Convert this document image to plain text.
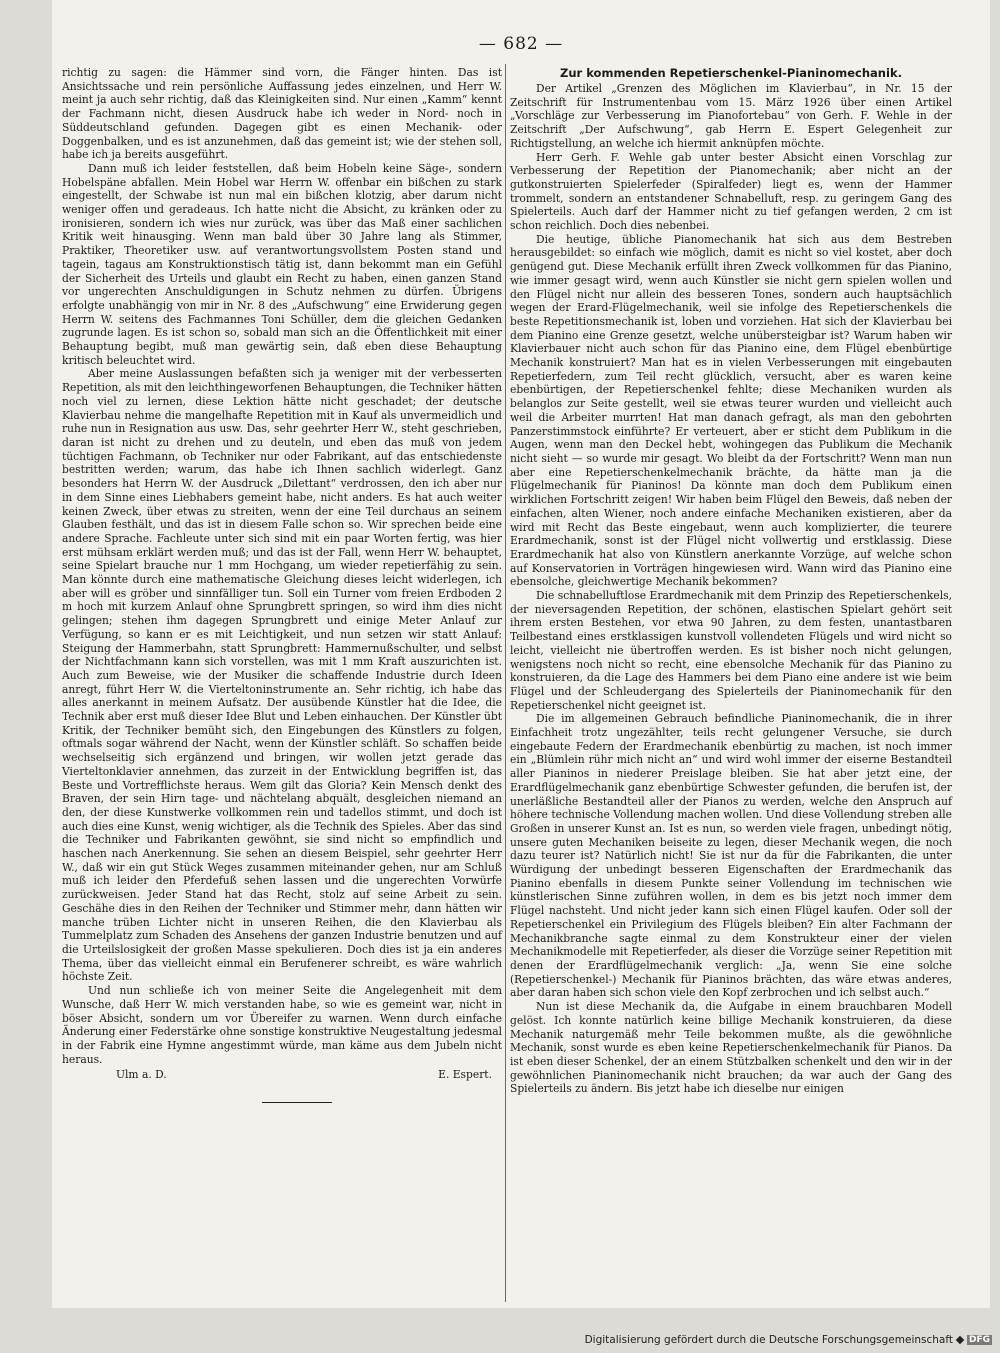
— 682 —

richtig zu sagen: die Hämmer sind vorn, die Fänger hinten. Das ist Ansichtssache und rein persönliche Auffassung jedes einzelnen, und Herr W. meint ja auch sehr richtig, daß das Kleinigkeiten sind. Nur einen „Kamm“ kennt der Fachmann nicht, diesen Ausdruck habe ich weder in Nord- noch in Süddeutschland gefunden. Dagegen gibt es einen Mechanik- oder Doggenbalken, und es ist anzunehmen, daß das gemeint ist; wie der stehen soll, habe ich ja bereits ausgeführt.

Dann muß ich leider feststellen, daß beim Hobeln keine Säge-, sondern Hobelspäne abfallen. Mein Hobel war Herrn W. offenbar ein bißchen zu stark eingestellt, der Schwabe ist nun mal ein bißchen klotzig, aber darum nicht weniger offen und geradeaus. Ich hatte nicht die Absicht, zu kränken oder zu ironisieren, sondern ich wies nur zurück, was über das Maß einer sachlichen Kritik weit hinausging. Wenn man bald über 30 Jahre lang als Stimmer, Praktiker, Theoretiker usw. auf verantwortungsvollstem Posten stand und tagein, tagaus am Konstruktionstisch tätig ist, dann bekommt man ein Gefühl der Sicherheit des Urteils und glaubt ein Recht zu haben, einen ganzen Stand vor ungerechten Anschuldigungen in Schutz nehmen zu dürfen. Übrigens erfolgte unabhängig von mir in Nr. 8 des „Aufschwung“ eine Erwiderung gegen Herrn W. seitens des Fachmannes Toni Schüller, dem die gleichen Gedanken zugrunde lagen. Es ist schon so, sobald man sich an die Öffentlichkeit mit einer Behauptung begibt, muß man gewärtig sein, daß eben diese Behauptung kritisch beleuchtet wird.

Aber meine Auslassungen befaßten sich ja weniger mit der verbesserten Repetition, als mit den leichthingeworfenen Behauptungen, die Techniker hätten noch viel zu lernen, diese Lektion hätte nicht geschadet; der deutsche Klavierbau nehme die mangelhafte Repetition mit in Kauf als unvermeidlich und ruhe nun in Resignation aus usw. Das, sehr geehrter Herr W., steht geschrieben, daran ist nicht zu drehen und zu deuteln, und eben das muß von jedem tüchtigen Fachmann, ob Techniker nur oder Fabrikant, auf das entschiedenste bestritten werden; warum, das habe ich Ihnen sachlich widerlegt. Ganz besonders hat Herrn W. der Ausdruck „Dilettant“ verdrossen, den ich aber nur in dem Sinne eines Liebhabers gemeint habe, nicht anders. Es hat auch weiter keinen Zweck, über etwas zu streiten, wenn der eine Teil durchaus an seinem Glauben festhält, und das ist in diesem Falle schon so. Wir sprechen beide eine andere Sprache. Fachleute unter sich sind mit ein paar Worten fertig, was hier erst mühsam erklärt werden muß; und das ist der Fall, wenn Herr W. behauptet, seine Spielart brauche nur 1 mm Hochgang, um wieder repetierfähig zu sein. Man könnte durch eine mathematische Gleichung dieses leicht widerlegen, ich aber will es gröber und sinnfälliger tun. Soll ein Turner vom freien Erdboden 2 m hoch mit kurzem Anlauf ohne Sprungbrett springen, so wird ihm dies nicht gelingen; stehen ihm dagegen Sprungbrett und einige Meter Anlauf zur Verfügung, so kann er es mit Leichtigkeit, und nun setzen wir statt Anlauf: Steigung der Hammerbahn, statt Sprungbrett: Hammernußschulter, und selbst der Nichtfachmann kann sich vorstellen, was mit 1 mm Kraft auszurichten ist. Auch zum Beweise, wie der Musiker die schaffende Industrie durch Ideen anregt, führt Herr W. die Vierteltoninstrumente an. Sehr richtig, ich habe das alles anerkannt in meinem Aufsatz. Der ausübende Künstler hat die Idee, die Technik aber erst muß dieser Idee Blut und Leben einhauchen. Der Künstler übt Kritik, der Techniker bemüht sich, den Eingebungen des Künstlers zu folgen, oftmals sogar während der Nacht, wenn der Künstler schläft. So schaffen beide wechselseitig sich ergänzend und bringen, wir wollen jetzt gerade das Vierteltonklavier annehmen, das zurzeit in der Entwicklung begriffen ist, das Beste und Vortrefflichste heraus. Wem gilt das Gloria? Kein Mensch denkt des Braven, der sein Hirn tage- und nächtelang abquält, desgleichen niemand an den, der diese Kunstwerke vollkommen rein und tadellos stimmt, und doch ist auch dies eine Kunst, wenig wichtiger, als die Technik des Spieles. Aber das sind die Techniker und Fabrikanten gewöhnt, sie sind nicht so empfindlich und haschen nach Anerkennung. Sie sehen an diesem Beispiel, sehr geehrter Herr W., daß wir ein gut Stück Weges zusammen miteinander gehen, nur am Schluß muß ich leider den Pferdefuß sehen lassen und die ungerechten Vorwürfe zurückweisen. Jeder Stand hat das Recht, stolz auf seine Arbeit zu sein. Geschähe dies in den Reihen der Techniker und Stimmer mehr, dann hätten wir manche trüben Lichter nicht in unseren Reihen, die den Klavierbau als Tummelplatz zum Schaden des Ansehens der ganzen Industrie benutzen und auf die Urteilslosigkeit der großen Masse spekulieren. Doch dies ist ja ein anderes Thema, über das vielleicht einmal ein Berufenerer schreibt, es wäre wahrlich höchste Zeit.

Und nun schließe ich von meiner Seite die Angelegenheit mit dem Wunsche, daß Herr W. mich verstanden habe, so wie es gemeint war, nicht in böser Absicht, sondern um vor Übereifer zu warnen. Wenn durch einfache Änderung einer Federstärke ohne sonstige konstruktive Neugestaltung jedesmal in der Fabrik eine Hymne angestimmt würde, man käme aus dem Jubeln nicht heraus.

Ulm a. D.	E. Espert.
Zur kommenden Repetierschenkel-Pianinomechanik.

Der Artikel „Grenzen des Möglichen im Klavierbau“, in Nr. 15 der Zeitschrift für Instrumentenbau vom 15. März 1926 über einen Artikel „Vorschläge zur Verbesserung im Pianofortebau“ von Gerh. F. Wehle in der Zeitschrift „Der Aufschwung“, gab Herrn E. Espert Gelegenheit zur Richtigstellung, an welche ich hiermit anknüpfen möchte.

Herr Gerh. F. Wehle gab unter bester Absicht einen Vorschlag zur Verbesserung der Repetition der Pianomechanik; aber nicht an der gutkonstruierten Spielerfeder (Spiralfeder) liegt es, wenn der Hammer trommelt, sondern an entstandener Schnabelluft, resp. zu geringem Gang des Spielerteils. Auch darf der Hammer nicht zu tief gefangen werden, 2 cm ist schon reichlich. Doch dies nebenbei.

Die heutige, übliche Pianomechanik hat sich aus dem Bestreben herausgebildet: so einfach wie möglich, damit es nicht so viel kostet, aber doch genügend gut. Diese Mechanik erfüllt ihren Zweck vollkommen für das Pianino, wie immer gesagt wird, wenn auch Künstler sie nicht gern spielen wollen und den Flügel nicht nur allein des besseren Tones, sondern auch hauptsächlich wegen der Erard-Flügelmechanik, weil sie infolge des Repetierschenkels die beste Repetitionsmechanik ist, loben und vorziehen. Hat sich der Klavierbau bei dem Pianino eine Grenze gesetzt, welche unübersteigbar ist? Warum haben wir Klavierbauer nicht auch schon für das Pianino eine, dem Flügel ebenbürtige Mechanik konstruiert? Man hat es in vielen Verbesserungen mit eingebauten Repetierfedern, zum Teil recht glücklich, versucht, aber es waren keine ebenbürtigen, der Repetierschenkel fehlte; diese Mechaniken wurden als belanglos zur Seite gestellt, weil sie etwas teurer wurden und vielleicht auch weil die Arbeiter murrten! Hat man danach gefragt, als man den gebohrten Panzerstimmstock einführte? Er verteuert, aber er sticht dem Publikum in die Augen, wenn man den Deckel hebt, wohingegen das Publikum die Mechanik nicht sieht — so wurde mir gesagt. Wo bleibt da der Fortschritt? Wenn man nun aber eine Repetierschenkelmechanik brächte, da hätte man ja die Flügelmechanik für Pianinos! Da könnte man doch dem Publikum einen wirklichen Fortschritt zeigen! Wir haben beim Flügel den Beweis, daß neben der einfachen, alten Wiener, noch andere einfache Mechaniken existieren, aber da wird mit Recht das Beste eingebaut, wenn auch komplizierter, die teurere Erardmechanik, sonst ist der Flügel nicht vollwertig und erstklassig. Diese Erardmechanik hat also von Künstlern anerkannte Vorzüge, auf welche schon auf Konservatorien in Vorträgen hingewiesen wird. Wann wird das Pianino eine ebensolche, gleichwertige Mechanik bekommen?

Die schnabelluftlose Erardmechanik mit dem Prinzip des Repetierschenkels, der nieversagenden Repetition, der schönen, elastischen Spielart gehört seit ihrem ersten Bestehen, vor etwa 90 Jahren, zu dem festen, unantastbaren Teilbestand eines erstklassigen kunstvoll vollendeten Flügels und wird nicht so leicht, vielleicht nie übertroffen werden. Es ist bisher noch nicht gelungen, wenigstens noch nicht so recht, eine ebensolche Mechanik für das Pianino zu konstruieren, da die Lage des Hammers bei dem Piano eine andere ist wie beim Flügel und der Schleudergang des Spielerteils der Pianinomechanik für den Repetierschenkel nicht geeignet ist.

Die im allgemeinen Gebrauch befindliche Pianinomechanik, die in ihrer Einfachheit trotz ungezählter, teils recht gelungener Versuche, sie durch eingebaute Federn der Erardmechanik ebenbürtig zu machen, ist noch immer ein „Blümlein rühr mich nicht an“ und wird wohl immer der eiserne Bestandteil aller Pianinos in niederer Preislage bleiben. Sie hat aber jetzt eine, der Erardflügelmechanik ganz ebenbürtige Schwester gefunden, die berufen ist, der unerläßliche Bestandteil aller der Pianos zu werden, welche den Anspruch auf höhere technische Vollendung machen wollen. Und diese Vollendung streben alle Großen in unserer Kunst an. Ist es nun, so werden viele fragen, unbedingt nötig, unsere guten Mechaniken beiseite zu legen, dieser Mechanik wegen, die noch dazu teurer ist? Natürlich nicht! Sie ist nur da für die Fabrikanten, die unter Würdigung der unbedingt besseren Eigenschaften der Erardmechanik das Pianino ebenfalls in diesem Punkte seiner Vollendung im technischen wie künstlerischen Sinne zuführen wollen, in dem es bis jetzt noch immer dem Flügel nachsteht. Und nicht jeder kann sich einen Flügel kaufen. Oder soll der Repetierschenkel ein Privilegium des Flügels bleiben? Ein alter Fachmann der Mechanikbranche sagte einmal zu dem Konstrukteur einer der vielen Mechanikmodelle mit Repetierfeder, als dieser die Vorzüge seiner Repetition mit denen der Erardflügelmechanik verglich: „Ja, wenn Sie eine solche (Repetierschenkel-) Mechanik für Pianinos brächten, das wäre etwas anderes, aber daran haben sich schon viele den Kopf zerbrochen und ich selbst auch.“

Nun ist diese Mechanik da, die Aufgabe in einem brauchbaren Modell gelöst. Ich konnte natürlich keine billige Mechanik konstruieren, da diese Mechanik naturgemäß mehr Teile bekommen mußte, als die gewöhnliche Mechanik, sonst wurde es eben keine Repetierschenkelmechanik für Pianos. Da ist eben dieser Schenkel, der an einem Stützbalken schenkelt und den wir in der gewöhnlichen Pianinomechanik nicht brauchen; da war auch der Gang des Spielerteils zu ändern. Bis jetzt habe ich dieselbe nur einigen

Digitalisierung gefördert durch die Deutsche Forschungsgemeinschaft DFG
